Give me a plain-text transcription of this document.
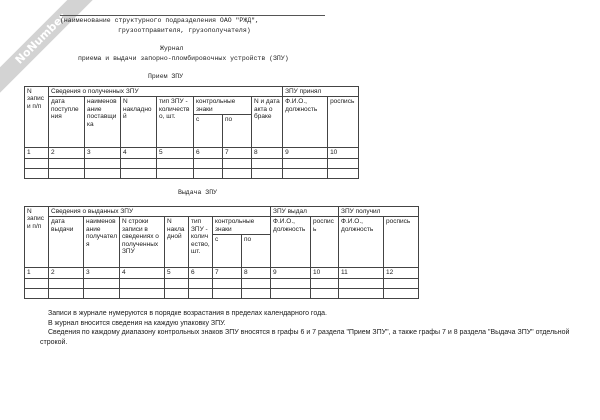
NoNumber
(наименование структурного подразделения ОАО "РЖД",
грузоотправителя, грузополучателя)
Журнал
приема и выдачи запорно-пломбировочных устройств (ЗПУ)
Прием ЗПУ
N записи п/п	Сведения о полученных ЗПУ							ЗПУ принял	
	дата поступления	наименование поставщика	N накладной	тип ЗПУ - количество, шт.	контрольные знаки		N и дата акта о браке	Ф.И.О., должность	роспись
					с	по			
1	2	3	4	5	6	7	8	9	10

Выдача ЗПУ
N записи п/п	Сведения о выданных ЗПУ							ЗПУ выдал		ЗПУ получил	
	дата выдачи	наименование получателя	N строки записи в сведениях о полученных ЗПУ	N накладной	тип ЗПУ - количество, шт.	контрольные знаки		Ф.И.О., должность	роспись	Ф.И.О., должность	роспись
						с	по				
1	2	3	4	5	6	7	8	9	10	11	12

Записи в журнале нумеруются в порядке возрастания в пределах календарного года.

В журнал вносится сведения на каждую упаковку ЗПУ.

Сведения по каждому диапазону контрольных знаков ЗПУ вносятся в графы 6 и 7 раздела "Прием ЗПУ", а также графы 7 и 8 раздела "Выдача ЗПУ" отдельной строкой.
